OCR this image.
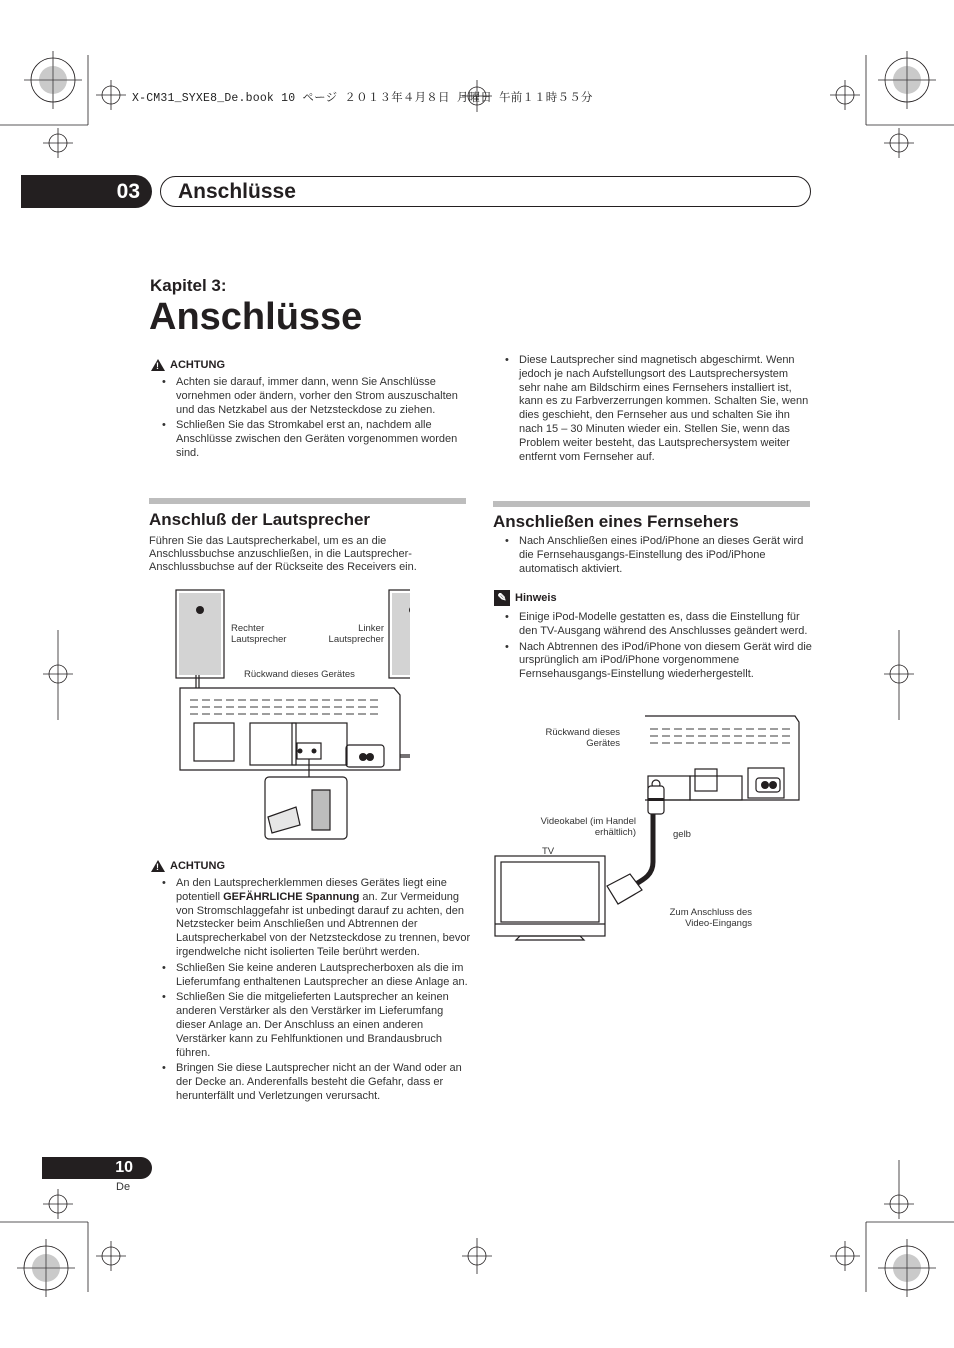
X-CM31_SYXE8_De.book 10 ページ ２０１３年４月８日 月曜日 午前１１時５５分
03	Anschlüsse
Kapitel 3:
Anschlüsse
! ACHTUNG
• Achten sie darauf, immer dann, wenn Sie Anschlüsse vornehmen oder ändern, vorher den Strom auszuschalten und das Netzkabel aus der Netzsteckdose zu ziehen.
• Schließen Sie das Stromkabel erst an, nachdem alle Anschlüsse zwischen den Geräten vorgenommen worden sind.
• Diese Lautsprecher sind magnetisch abgeschirmt. Wenn jedoch je nach Aufstellungsort des Lautsprechersystem sehr nahe am Bildschirm eines Fernsehers installiert ist, kann es zu Farbverzerrungen kommen. Schalten Sie, wenn dies geschieht, den Fernseher aus und schalten Sie ihn nach 15 – 30 Minuten wieder ein. Stellen Sie, wenn das Problem weiter besteht, das Lautsprechersystem weiter entfernt vom Fernseher auf.
Anschluß der Lautsprecher
Führen Sie das Lautsprecherkabel, um es an die Anschlussbuchse anzuschließen, in die Lautsprecher-Anschlussbuchse auf der Rückseite des Receivers ein.
Rechter
Lautsprecher
Linker
Lautsprecher
Rückwand dieses Gerätes
! ACHTUNG
• An den Lautsprecherklemmen dieses Gerätes liegt eine potentiell GEFÄHRLICHE Spannung an. Zur Vermeidung von Stromschlaggefahr ist unbedingt darauf zu achten, den Netzstecker beim Anschließen und Abtrennen der Lautsprecherkabel von der Netzsteckdose zu trennen, bevor irgendwelche nicht isolierten Teile berührt werden.
• Schließen Sie keine anderen Lautsprecherboxen als die im Lieferumfang enthaltenen Lautsprecher an diese Anlage an.
• Schließen Sie die mitgelieferten Lautsprecher an keinen anderen Verstärker als den Verstärker im Lieferumfang dieser Anlage an. Der Anschluss an einen anderen Verstärker kann zu Fehlfunktionen und Brandausbruch führen.
• Bringen Sie diese Lautsprecher nicht an der Wand oder an der Decke an. Anderenfalls besteht die Gefahr, dass er herunterfällt und Verletzungen verursacht.
Anschließen eines Fernsehers
• Nach Anschließen eines iPod/iPhone an dieses Gerät wird die Fernsehausgangs-Einstellung des iPod/iPhone automatisch aktiviert.
✎ Hinweis
• Einige iPod-Modelle gestatten es, dass die Einstellung für den TV-Ausgang während des Anschlusses geändert werd.
• Nach Abtrennen des iPod/iPhone von diesem Gerät wird die ursprünglich am iPod/iPhone vorgenommene Fernsehausgangs-Einstellung wiederhergestellt.
Rückwand dieses
Gerätes
Videokabel (im Handel
erhältlich)	gelb
TV
Zum Anschluss des
Video-Eingangs
10
De
